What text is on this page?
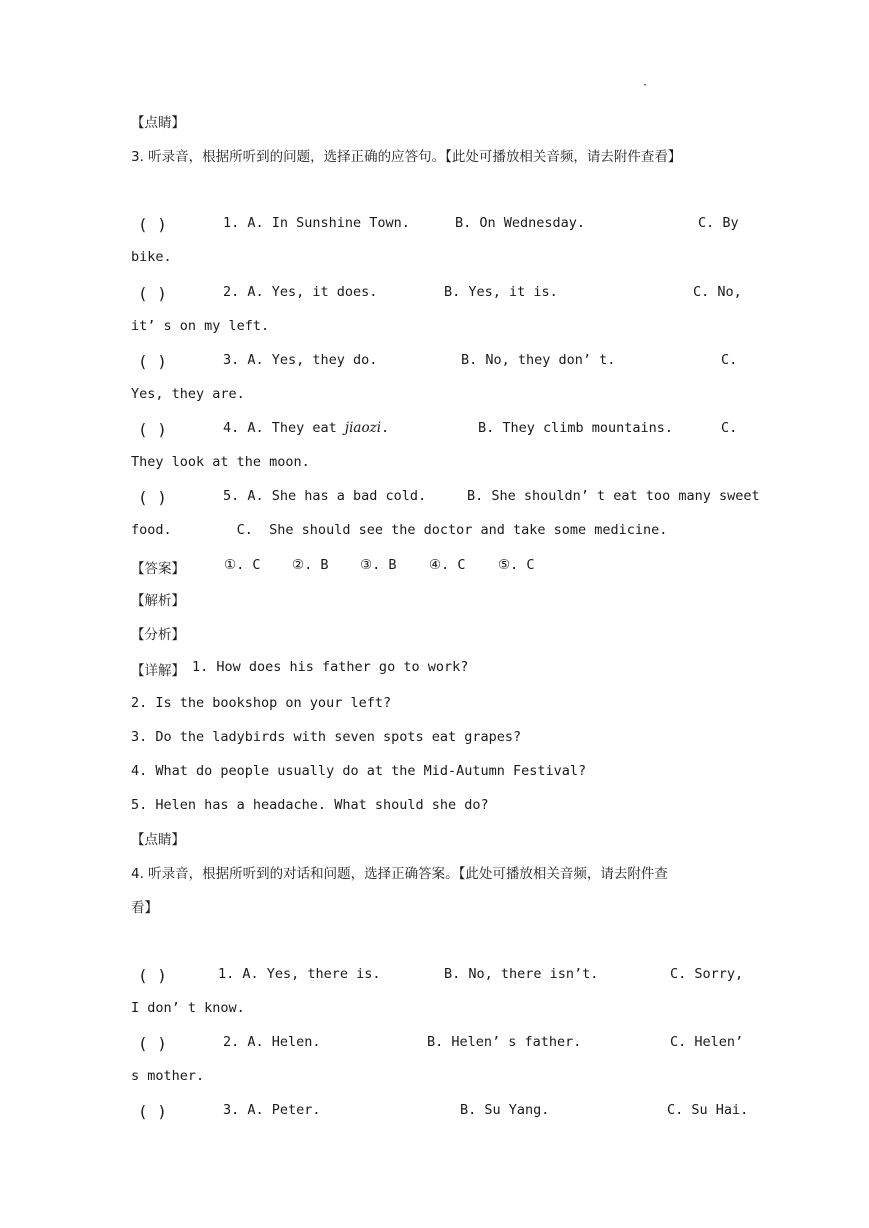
·
【点睛】
3. 听录音，根据所听到的问题，选择正确的应答句。【此处可播放相关音频，请去附件查看】
( )	1. A. In Sunshine Town.	B. On Wednesday.	C. By
bike.
( )	2. A. Yes, it does.	B. Yes, it is.	C. No,
it’ s on my left.
( )	3. A. Yes, they do.	B. No, they don’ t.	C.
Yes, they are.
( )	4. A. They eat jiaozi.	B. They climb mountains.	C.
They look at the moon.
( )	5. A. She has a bad cold.	B. She shouldn’ t eat too many sweet
food.        C.  She should see the doctor and take some medicine.
【答案】	①. C ②. B ③. B ④. C ⑤. C
【解析】
【分析】
【详解】 1. How does his father go to work?
2. Is the bookshop on your left?
3. Do the ladybirds with seven spots eat grapes?
4. What do people usually do at the Mid-Autumn Festival?
5. Helen has a headache. What should she do?
【点睛】
4. 听录音，根据所听到的对话和问题，选择正确答案。【此处可播放相关音频，请去附件查
看】
( )	1. A. Yes, there is.	B. No, there isn’t.	C. Sorry,
I don’ t know.
( )	2. A. Helen.	B. Helen’ s father.	C. Helen’
s mother.
( )	3. A. Peter.	B. Su Yang.	C. Su Hai.
